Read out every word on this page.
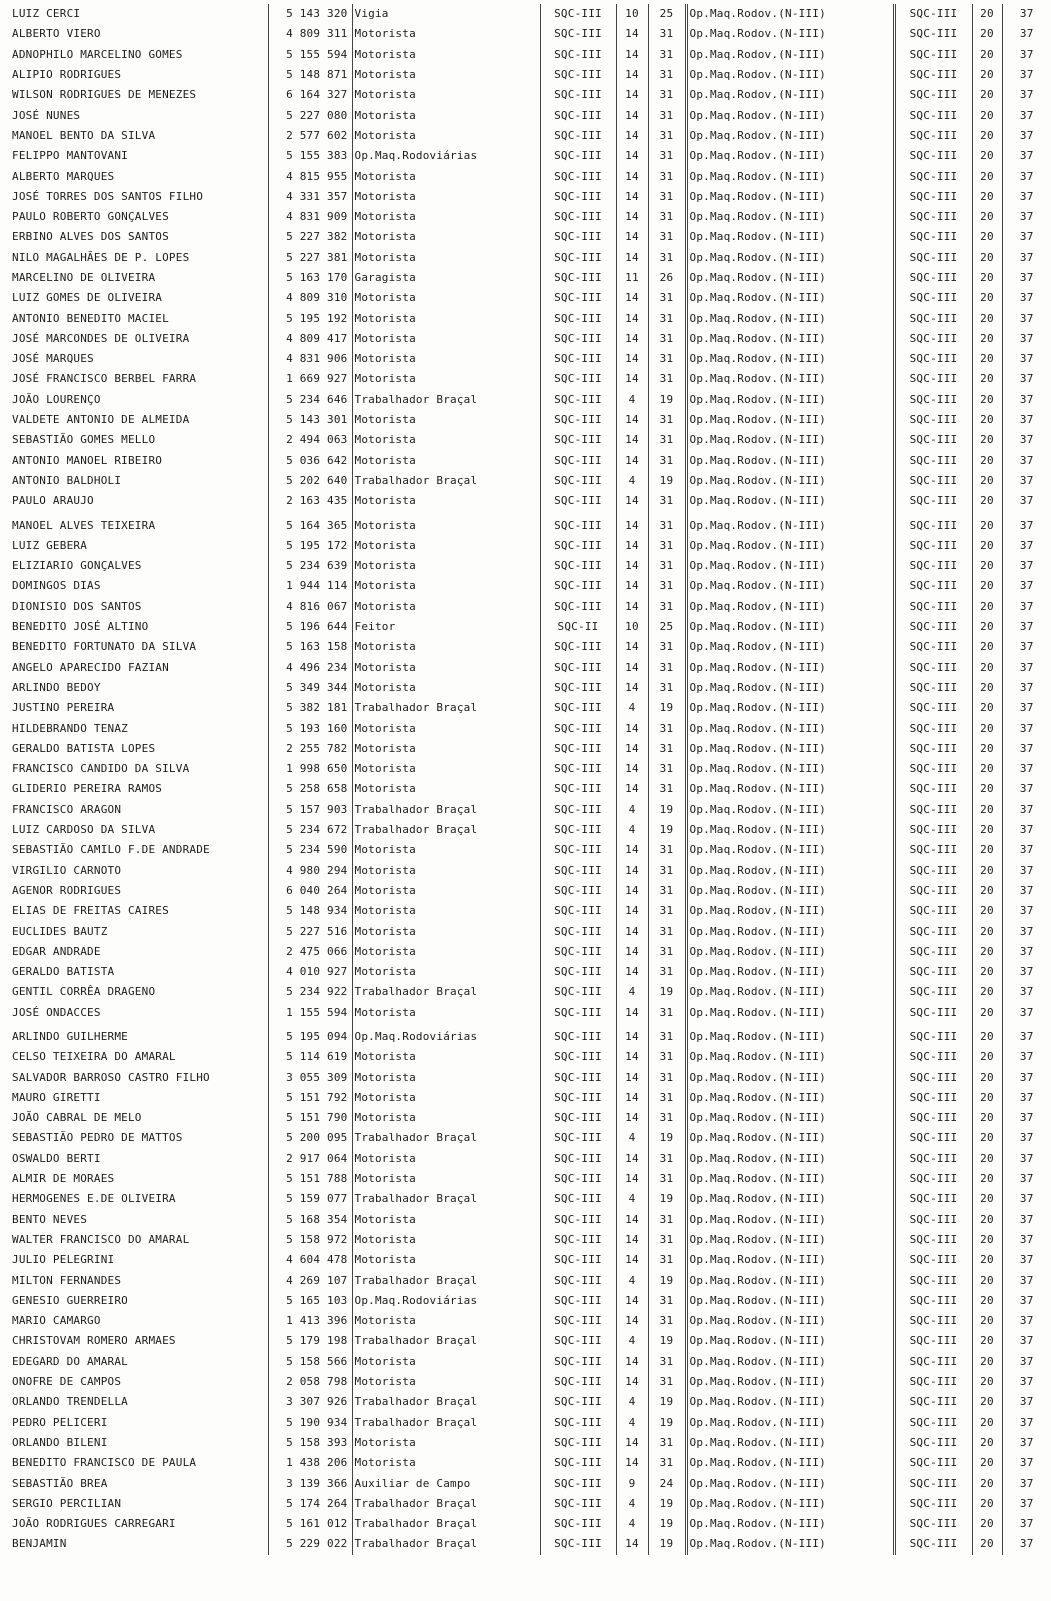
LUIZ CERCI	5 143 320	Vigia	SQC-III	10	25	Op.Maq.Rodov.(N-III)	SQC-III	20	37
ALBERTO VIERO	4 809 311	Motorista	SQC-III	14	31	Op.Maq.Rodov.(N-III)	SQC-III	20	37
ADNOPHILO MARCELINO GOMES	5 155 594	Motorista	SQC-III	14	31	Op.Maq.Rodov.(N-III)	SQC-III	20	37
ALIPIO RODRIGUES	5 148 871	Motorista	SQC-III	14	31	Op.Maq.Rodov.(N-III)	SQC-III	20	37
WILSON RODRIGUES DE MENEZES	6 164 327	Motorista	SQC-III	14	31	Op.Maq.Rodov.(N-III)	SQC-III	20	37
JOSÉ NUNES	5 227 080	Motorista	SQC-III	14	31	Op.Maq.Rodov.(N-III)	SQC-III	20	37
MANOEL BENTO DA SILVA	2 577 602	Motorista	SQC-III	14	31	Op.Maq.Rodov.(N-III)	SQC-III	20	37
FELIPPO MANTOVANI	5 155 383	Op.Maq.Rodoviárias	SQC-III	14	31	Op.Maq.Rodov.(N-III)	SQC-III	20	37
ALBERTO MARQUES	4 815 955	Motorista	SQC-III	14	31	Op.Maq.Rodov.(N-III)	SQC-III	20	37
JOSÉ TORRES DOS SANTOS FILHO	4 331 357	Motorista	SQC-III	14	31	Op.Maq.Rodov.(N-III)	SQC-III	20	37
PAULO ROBERTO GONÇALVES	4 831 909	Motorista	SQC-III	14	31	Op.Maq.Rodov.(N-III)	SQC-III	20	37
ERBINO ALVES DOS SANTOS	5 227 382	Motorista	SQC-III	14	31	Op.Maq.Rodov.(N-III)	SQC-III	20	37
NILO MAGALHÃES DE P. LOPES	5 227 381	Motorista	SQC-III	14	31	Op.Maq.Rodov.(N-III)	SQC-III	20	37
MARCELINO DE OLIVEIRA	5 163 170	Garagista	SQC-III	11	26	Op.Maq.Rodov.(N-III)	SQC-III	20	37
LUIZ GOMES DE OLIVEIRA	4 809 310	Motorista	SQC-III	14	31	Op.Maq.Rodov.(N-III)	SQC-III	20	37
ANTONIO BENEDITO MACIEL	5 195 192	Motorista	SQC-III	14	31	Op.Maq.Rodov.(N-III)	SQC-III	20	37
JOSÉ MARCONDES DE OLIVEIRA	4 809 417	Motorista	SQC-III	14	31	Op.Maq.Rodov.(N-III)	SQC-III	20	37
JOSÉ MARQUES	4 831 906	Motorista	SQC-III	14	31	Op.Maq.Rodov.(N-III)	SQC-III	20	37
JOSÉ FRANCISCO BERBEL FARRA	1 669 927	Motorista	SQC-III	14	31	Op.Maq.Rodov.(N-III)	SQC-III	20	37
JOÃO LOURENÇO	5 234 646	Trabalhador Braçal	SQC-III	4	19	Op.Maq.Rodov.(N-III)	SQC-III	20	37
VALDETE ANTONIO DE ALMEIDA	5 143 301	Motorista	SQC-III	14	31	Op.Maq.Rodov.(N-III)	SQC-III	20	37
SEBASTIÃO GOMES MELLO	2 494 063	Motorista	SQC-III	14	31	Op.Maq.Rodov.(N-III)	SQC-III	20	37
ANTONIO MANOEL RIBEIRO	5 036 642	Motorista	SQC-III	14	31	Op.Maq.Rodov.(N-III)	SQC-III	20	37
ANTONIO BALDHOLI	5 202 640	Trabalhador Braçal	SQC-III	4	19	Op.Maq.Rodov.(N-III)	SQC-III	20	37
PAULO ARAUJO	2 163 435	Motorista	SQC-III	14	31	Op.Maq.Rodov.(N-III)	SQC-III	20	37

MANOEL ALVES TEIXEIRA	5 164 365	Motorista	SQC-III	14	31	Op.Maq.Rodov.(N-III)	SQC-III	20	37
LUIZ GEBERA	5 195 172	Motorista	SQC-III	14	31	Op.Maq.Rodov.(N-III)	SQC-III	20	37
ELIZIARIO GONÇALVES	5 234 639	Motorista	SQC-III	14	31	Op.Maq.Rodov.(N-III)	SQC-III	20	37
DOMINGOS DIAS	1 944 114	Motorista	SQC-III	14	31	Op.Maq.Rodov.(N-III)	SQC-III	20	37
DIONISIO DOS SANTOS	4 816 067	Motorista	SQC-III	14	31	Op.Maq.Rodov.(N-III)	SQC-III	20	37
BENEDITO JOSÉ ALTINO	5 196 644	Feitor	SQC-II	10	25	Op.Maq.Rodov.(N-III)	SQC-III	20	37
BENEDITO FORTUNATO DA SILVA	5 163 158	Motorista	SQC-III	14	31	Op.Maq.Rodov.(N-III)	SQC-III	20	37
ANGELO APARECIDO FAZIAN	4 496 234	Motorista	SQC-III	14	31	Op.Maq.Rodov.(N-III)	SQC-III	20	37
ARLINDO BEDOY	5 349 344	Motorista	SQC-III	14	31	Op.Maq.Rodov.(N-III)	SQC-III	20	37
JUSTINO PEREIRA	5 382 181	Trabalhador Braçal	SQC-III	4	19	Op.Maq.Rodov.(N-III)	SQC-III	20	37
HILDEBRANDO TENAZ	5 193 160	Motorista	SQC-III	14	31	Op.Maq.Rodov.(N-III)	SQC-III	20	37
GERALDO BATISTA LOPES	2 255 782	Motorista	SQC-III	14	31	Op.Maq.Rodov.(N-III)	SQC-III	20	37
FRANCISCO CANDIDO DA SILVA	1 998 650	Motorista	SQC-III	14	31	Op.Maq.Rodov.(N-III)	SQC-III	20	37
GLIDERIO PEREIRA RAMOS	5 258 658	Motorista	SQC-III	14	31	Op.Maq.Rodov.(N-III)	SQC-III	20	37
FRANCISCO ARAGON	5 157 903	Trabalhador Braçal	SQC-III	4	19	Op.Maq.Rodov.(N-III)	SQC-III	20	37
LUIZ CARDOSO DA SILVA	5 234 672	Trabalhador Braçal	SQC-III	4	19	Op.Maq.Rodov.(N-III)	SQC-III	20	37
SEBASTIÃO CAMILO F.DE ANDRADE	5 234 590	Motorista	SQC-III	14	31	Op.Maq.Rodov.(N-III)	SQC-III	20	37
VIRGILIO CARNOTO	4 980 294	Motorista	SQC-III	14	31	Op.Maq.Rodov.(N-III)	SQC-III	20	37
AGENOR RODRIGUES	6 040 264	Motorista	SQC-III	14	31	Op.Maq.Rodov.(N-III)	SQC-III	20	37
ELIAS DE FREITAS CAIRES	5 148 934	Motorista	SQC-III	14	31	Op.Maq.Rodov.(N-III)	SQC-III	20	37
EUCLIDES BAUTZ	5 227 516	Motorista	SQC-III	14	31	Op.Maq.Rodov.(N-III)	SQC-III	20	37
EDGAR ANDRADE	2 475 066	Motorista	SQC-III	14	31	Op.Maq.Rodov.(N-III)	SQC-III	20	37
GERALDO BATISTA	4 010 927	Motorista	SQC-III	14	31	Op.Maq.Rodov.(N-III)	SQC-III	20	37
GENTIL CORRÊA DRAGENO	5 234 922	Trabalhador Braçal	SQC-III	4	19	Op.Maq.Rodov.(N-III)	SQC-III	20	37
JOSÉ ONDACCES	1 155 594	Motorista	SQC-III	14	31	Op.Maq.Rodov.(N-III)	SQC-III	20	37

ARLINDO GUILHERME	5 195 094	Op.Maq.Rodoviárias	SQC-III	14	31	Op.Maq.Rodov.(N-III)	SQC-III	20	37
CELSO TEIXEIRA DO AMARAL	5 114 619	Motorista	SQC-III	14	31	Op.Maq.Rodov.(N-III)	SQC-III	20	37
SALVADOR BARROSO CASTRO FILHO	3 055 309	Motorista	SQC-III	14	31	Op.Maq.Rodov.(N-III)	SQC-III	20	37
MAURO GIRETTI	5 151 792	Motorista	SQC-III	14	31	Op.Maq.Rodov.(N-III)	SQC-III	20	37
JOÃO CABRAL DE MELO	5 151 790	Motorista	SQC-III	14	31	Op.Maq.Rodov.(N-III)	SQC-III	20	37
SEBASTIÃO PEDRO DE MATTOS	5 200 095	Trabalhador Braçal	SQC-III	4	19	Op.Maq.Rodov.(N-III)	SQC-III	20	37
OSWALDO BERTI	2 917 064	Motorista	SQC-III	14	31	Op.Maq.Rodov.(N-III)	SQC-III	20	37
ALMIR DE MORAES	5 151 788	Motorista	SQC-III	14	31	Op.Maq.Rodov.(N-III)	SQC-III	20	37
HERMOGENES E.DE OLIVEIRA	5 159 077	Trabalhador Braçal	SQC-III	4	19	Op.Maq.Rodov.(N-III)	SQC-III	20	37
BENTO NEVES	5 168 354	Motorista	SQC-III	14	31	Op.Maq.Rodov.(N-III)	SQC-III	20	37
WALTER FRANCISCO DO AMARAL	5 158 972	Motorista	SQC-III	14	31	Op.Maq.Rodov.(N-III)	SQC-III	20	37
JULIO PELEGRINI	4 604 478	Motorista	SQC-III	14	31	Op.Maq.Rodov.(N-III)	SQC-III	20	37
MILTON FERNANDES	4 269 107	Trabalhador Braçal	SQC-III	4	19	Op.Maq.Rodov.(N-III)	SQC-III	20	37
GENESIO GUERREIRO	5 165 103	Op.Maq.Rodoviárias	SQC-III	14	31	Op.Maq.Rodov.(N-III)	SQC-III	20	37
MARIO CAMARGO	1 413 396	Motorista	SQC-III	14	31	Op.Maq.Rodov.(N-III)	SQC-III	20	37
CHRISTOVAM ROMERO ARMAES	5 179 198	Trabalhador Braçal	SQC-III	4	19	Op.Maq.Rodov.(N-III)	SQC-III	20	37
EDEGARD DO AMARAL	5 158 566	Motorista	SQC-III	14	31	Op.Maq.Rodov.(N-III)	SQC-III	20	37
ONOFRE DE CAMPOS	2 058 798	Motorista	SQC-III	14	31	Op.Maq.Rodov.(N-III)	SQC-III	20	37
ORLANDO TRENDELLA	3 307 926	Trabalhador Braçal	SQC-III	4	19	Op.Maq.Rodov.(N-III)	SQC-III	20	37
PEDRO PELICERI	5 190 934	Trabalhador Braçal	SQC-III	4	19	Op.Maq.Rodov.(N-III)	SQC-III	20	37
ORLANDO BILENI	5 158 393	Motorista	SQC-III	14	31	Op.Maq.Rodov.(N-III)	SQC-III	20	37
BENEDITO FRANCISCO DE PAULA	1 438 206	Motorista	SQC-III	14	31	Op.Maq.Rodov.(N-III)	SQC-III	20	37
SEBASTIÃO BREA	3 139 366	Auxiliar de Campo	SQC-III	9	24	Op.Maq.Rodov.(N-III)	SQC-III	20	37
SERGIO PERCILIAN	5 174 264	Trabalhador Braçal	SQC-III	4	19	Op.Maq.Rodov.(N-III)	SQC-III	20	37
JOÃO RODRIGUES CARREGARI	5 161 012	Trabalhador Braçal	SQC-III	4	19	Op.Maq.Rodov.(N-III)	SQC-III	20	37
BENJAMIN	5 229 022	Trabalhador Braçal	SQC-III	14	19	Op.Maq.Rodov.(N-III)	SQC-III	20	37
